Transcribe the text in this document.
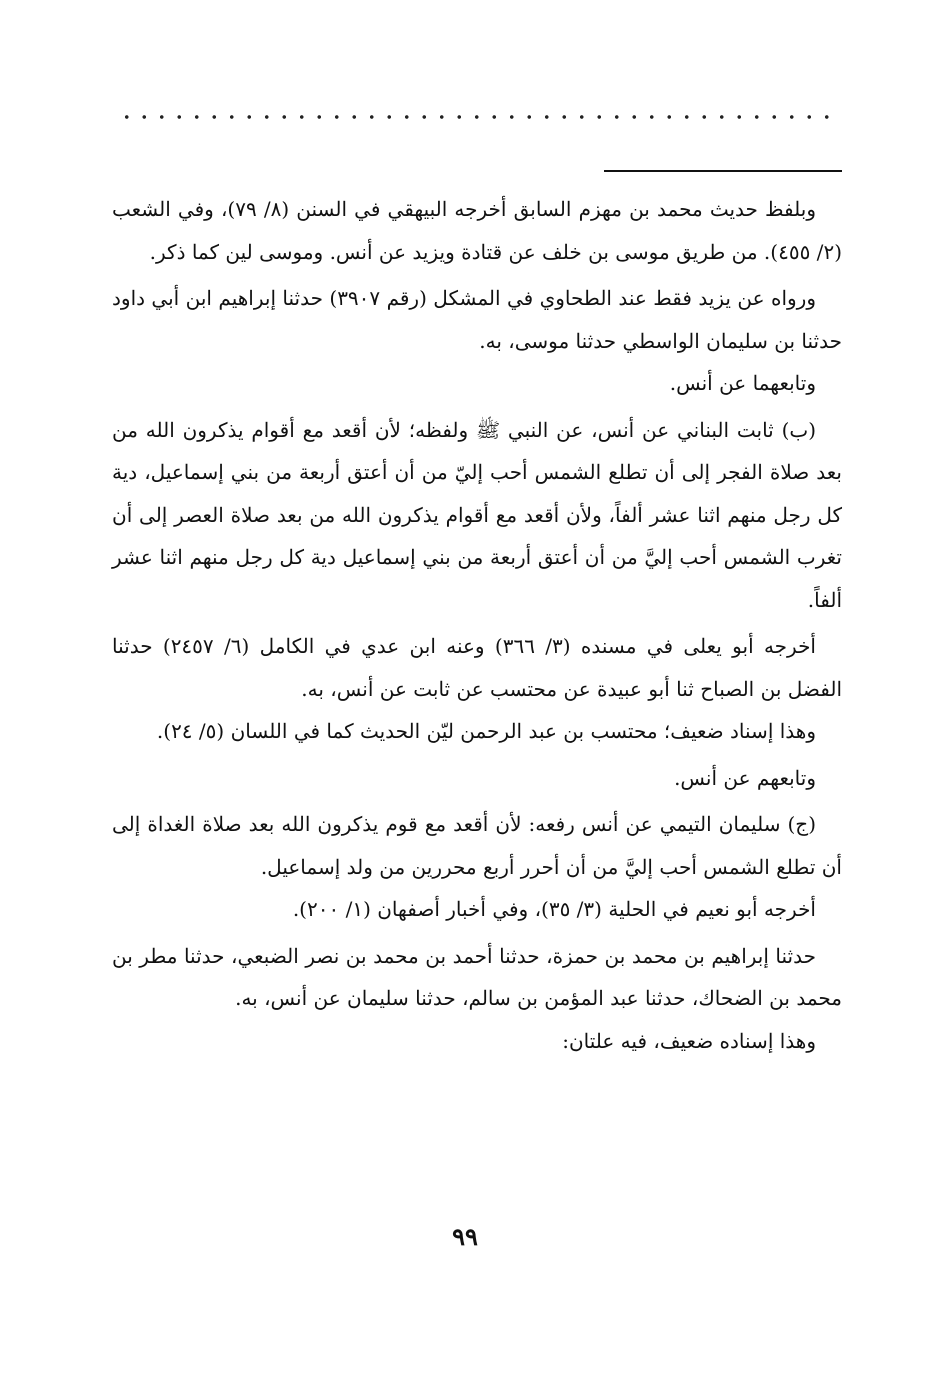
وبلفظ حديث محمد بن مهزم السابق أخرجه البيهقي في السنن (٨/ ٧٩)، وفي الشعب (٢/ ٤٥٥). من طريق موسى بن خلف عن قتادة ويزيد عن أنس. وموسى لين كما ذكر.

ورواه عن يزيد فقط عند الطحاوي في المشكل (رقم ٣٩٠٧) حدثنا إبراهيم ابن أبي داود حدثنا بن سليمان الواسطي حدثنا موسى، به.

وتابعهما عن أنس.

(ب) ثابت البناني عن أنس، عن النبي ﷺ ولفظه؛ لأن أقعد مع أقوام يذكرون الله من بعد صلاة الفجر إلى أن تطلع الشمس أحب إليّ من أن أعتق أربعة من بني إسماعيل، دية كل رجل منهم اثنا عشر ألفاً، ولأن أقعد مع أقوام يذكرون الله من بعد صلاة العصر إلى أن تغرب الشمس أحب إليَّ من أن أعتق أربعة من بني إسماعيل دية كل رجل منهم اثنا عشر ألفاً.

أخرجه أبو يعلى في مسنده (٣/ ٣٦٦) وعنه ابن عدي في الكامل (٦/ ٢٤٥٧) حدثنا الفضل بن الصباح ثنا أبو عبيدة عن محتسب عن ثابت عن أنس، به.

وهذا إسناد ضعيف؛ محتسب بن عبد الرحمن ليّن الحديث كما في اللسان (٥/ ٢٤).

وتابعهم عن أنس.

(ج) سليمان التيمي عن أنس رفعه: لأن أقعد مع قوم يذكرون الله بعد صلاة الغداة إلى أن تطلع الشمس أحب إليَّ من أن أحرر أربع محررين من ولد إسماعيل.

أخرجه أبو نعيم في الحلية (٣/ ٣٥)، وفي أخبار أصفهان (١/ ٢٠٠).

حدثنا إبراهيم بن محمد بن حمزة، حدثنا أحمد بن محمد بن نصر الضبعي، حدثنا مطر بن محمد بن الضحاك، حدثنا عبد المؤمن بن سالم، حدثنا سليمان عن أنس، به.

وهذا إسناده ضعيف، فيه علتان:

٩٩
